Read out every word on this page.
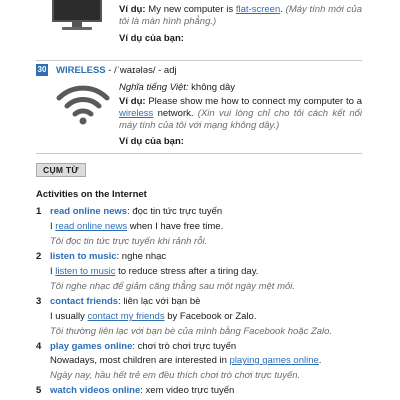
Ví dụ: My new computer is flat-screen. (Máy tính mới của tôi là màn hình phẳng.)
Ví dụ của bạn:
30 WIRELESS - /ˈwaɪələs/ - adj
Nghĩa tiếng Việt: không dây
Ví dụ: Please show me how to connect my computer to a wireless network. (Xin vui lòng chỉ cho tôi cách kết nối máy tính của tôi với mạng không dây.)
Ví dụ của bạn:
CỤM TỪ
Activities on the Internet
1 read online news: đọc tin tức trực tuyến
I read online news when I have free time.
Tôi đọc tin tức trực tuyến khi rảnh rỗi.
2 listen to music: nghe nhạc
I listen to music to reduce stress after a tiring day.
Tôi nghe nhạc để giảm căng thẳng sau một ngày mệt mỏi.
3 contact friends: liên lạc với bạn bè
I usually contact my friends by Facebook or Zalo.
Tôi thường liên lạc với bạn bè của mình bằng Facebook hoặc Zalo.
4 play games online: chơi trò chơi trực tuyến
Nowadays, most children are interested in playing games online.
Ngày nay, hầu hết trẻ em đều thích chơi trò chơi trực tuyến.
5 watch videos online: xem video trực tuyến
